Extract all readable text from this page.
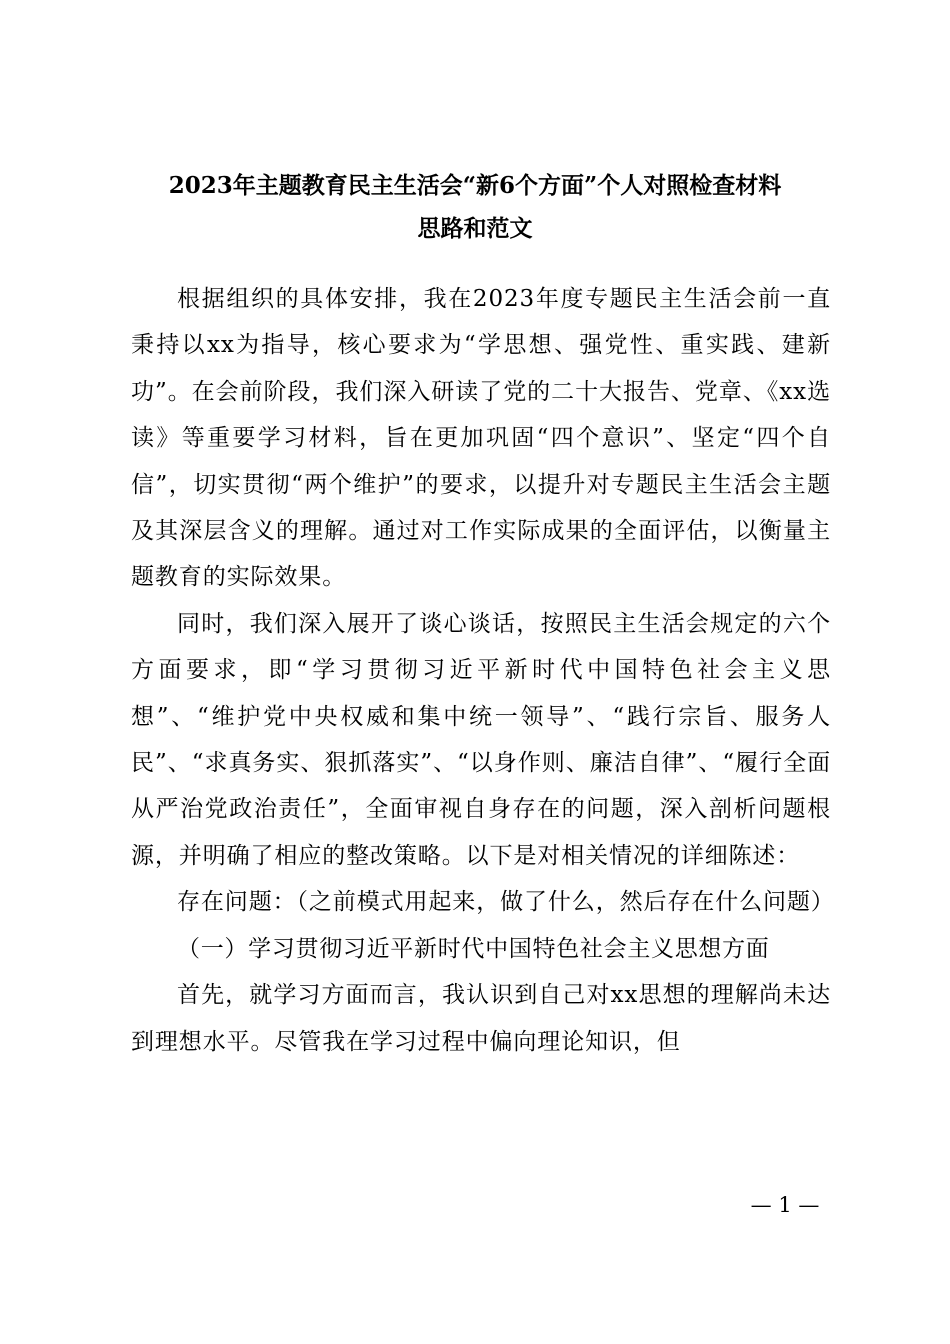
2023年主题教育民主生活会“新6个方面”个人对照检查材料
思路和范文

根据组织的具体安排，我在2023年度专题民主生活会前一直秉持以xx为指导，核心要求为“学思想、强党性、重实践、建新功”。在会前阶段，我们深入研读了党的二十大报告、党章、《xx选读》等重要学习材料，旨在更加巩固“四个意识”、坚定“四个自信”，切实贯彻“两个维护”的要求，以提升对专题民主生活会主题及其深层含义的理解。通过对工作实际成果的全面评估，以衡量主题教育的实际效果。

同时，我们深入展开了谈心谈话，按照民主生活会规定的六个方面要求，即“学习贯彻习近平新时代中国特色社会主义思想”、“维护党中央权威和集中统一领导”、“践行宗旨、服务人民”、“求真务实、狠抓落实”、“以身作则、廉洁自律”、“履行全面从严治党政治责任”，全面审视自身存在的问题，深入剖析问题根源，并明确了相应的整改策略。以下是对相关情况的详细陈述：

存在问题：（之前模式用起来，做了什么，然后存在什么问题）

（一）学习贯彻习近平新时代中国特色社会主义思想方面

首先，就学习方面而言，我认识到自己对xx思想的理解尚未达到理想水平。尽管我在学习过程中偏向理论知识，但

— 1 —
